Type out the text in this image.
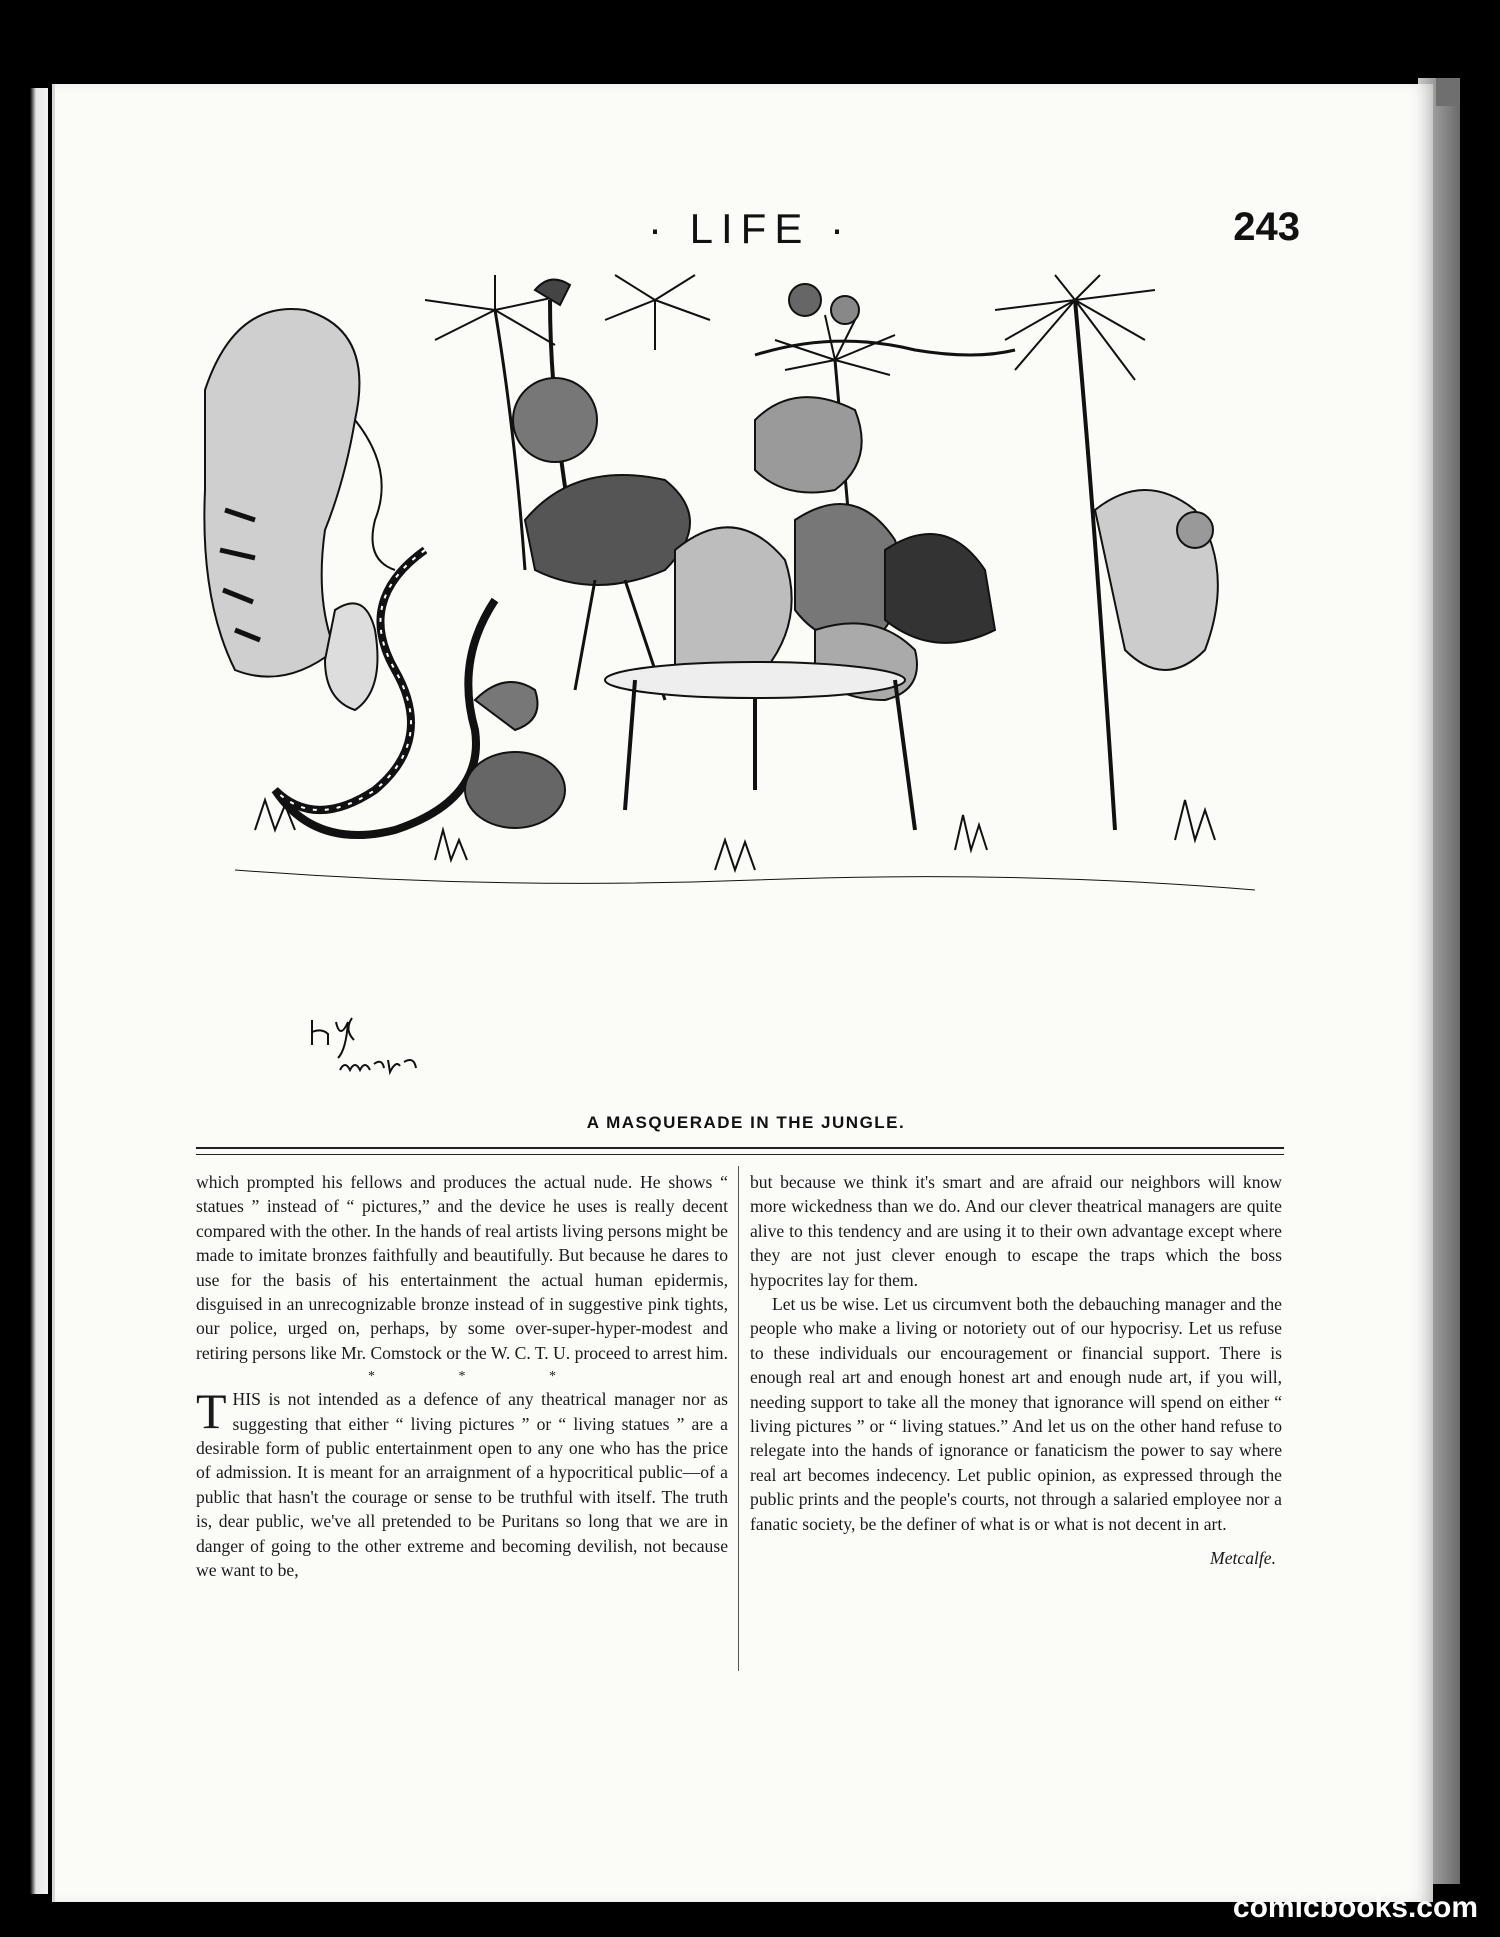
· LIFE ·	243
A MASQUERADE IN THE JUNGLE.

which prompted his fellows and produces the actual nude. He shows “ statues ” instead of “ pictures,” and the device he uses is really decent compared with the other. In the hands of real artists living persons might be made to imitate bronzes faithfully and beautifully. But because he dares to use for the basis of his entertainment the actual human epidermis, disguised in an unrecognizable bronze instead of in suggestive pink tights, our police, urged on, perhaps, by some over-super-hyper-modest and retiring persons like Mr. Comstock or the W. C. T. U. proceed to arrest him.

* * *

THIS is not intended as a defence of any theatrical manager nor as suggesting that either “ living pictures ” or “ living statues ” are a desirable form of public entertainment open to any one who has the price of admission. It is meant for an arraignment of a hypocritical public—of a public that hasn't the courage or sense to be truthful with itself. The truth is, dear public, we've all pretended to be Puritans so long that we are in danger of going to the other extreme and becoming devilish, not because we want to be,

but because we think it's smart and are afraid our neighbors will know more wickedness than we do. And our clever theatrical managers are quite alive to this tendency and are using it to their own advantage except where they are not just clever enough to escape the traps which the boss hypocrites lay for them.

Let us be wise. Let us circumvent both the debauching manager and the people who make a living or notoriety out of our hypocrisy. Let us refuse to these individuals our encouragement or financial support. There is enough real art and enough honest art and enough nude art, if you will, needing support to take all the money that ignorance will spend on either “ living pictures ” or “ living statues.” And let us on the other hand refuse to relegate into the hands of ignorance or fanaticism the power to say where real art becomes indecency. Let public opinion, as expressed through the public prints and the people's courts, not through a salaried employee nor a fanatic society, be the definer of what is or what is not decent in art.

Metcalfe.
comicbooks.com
